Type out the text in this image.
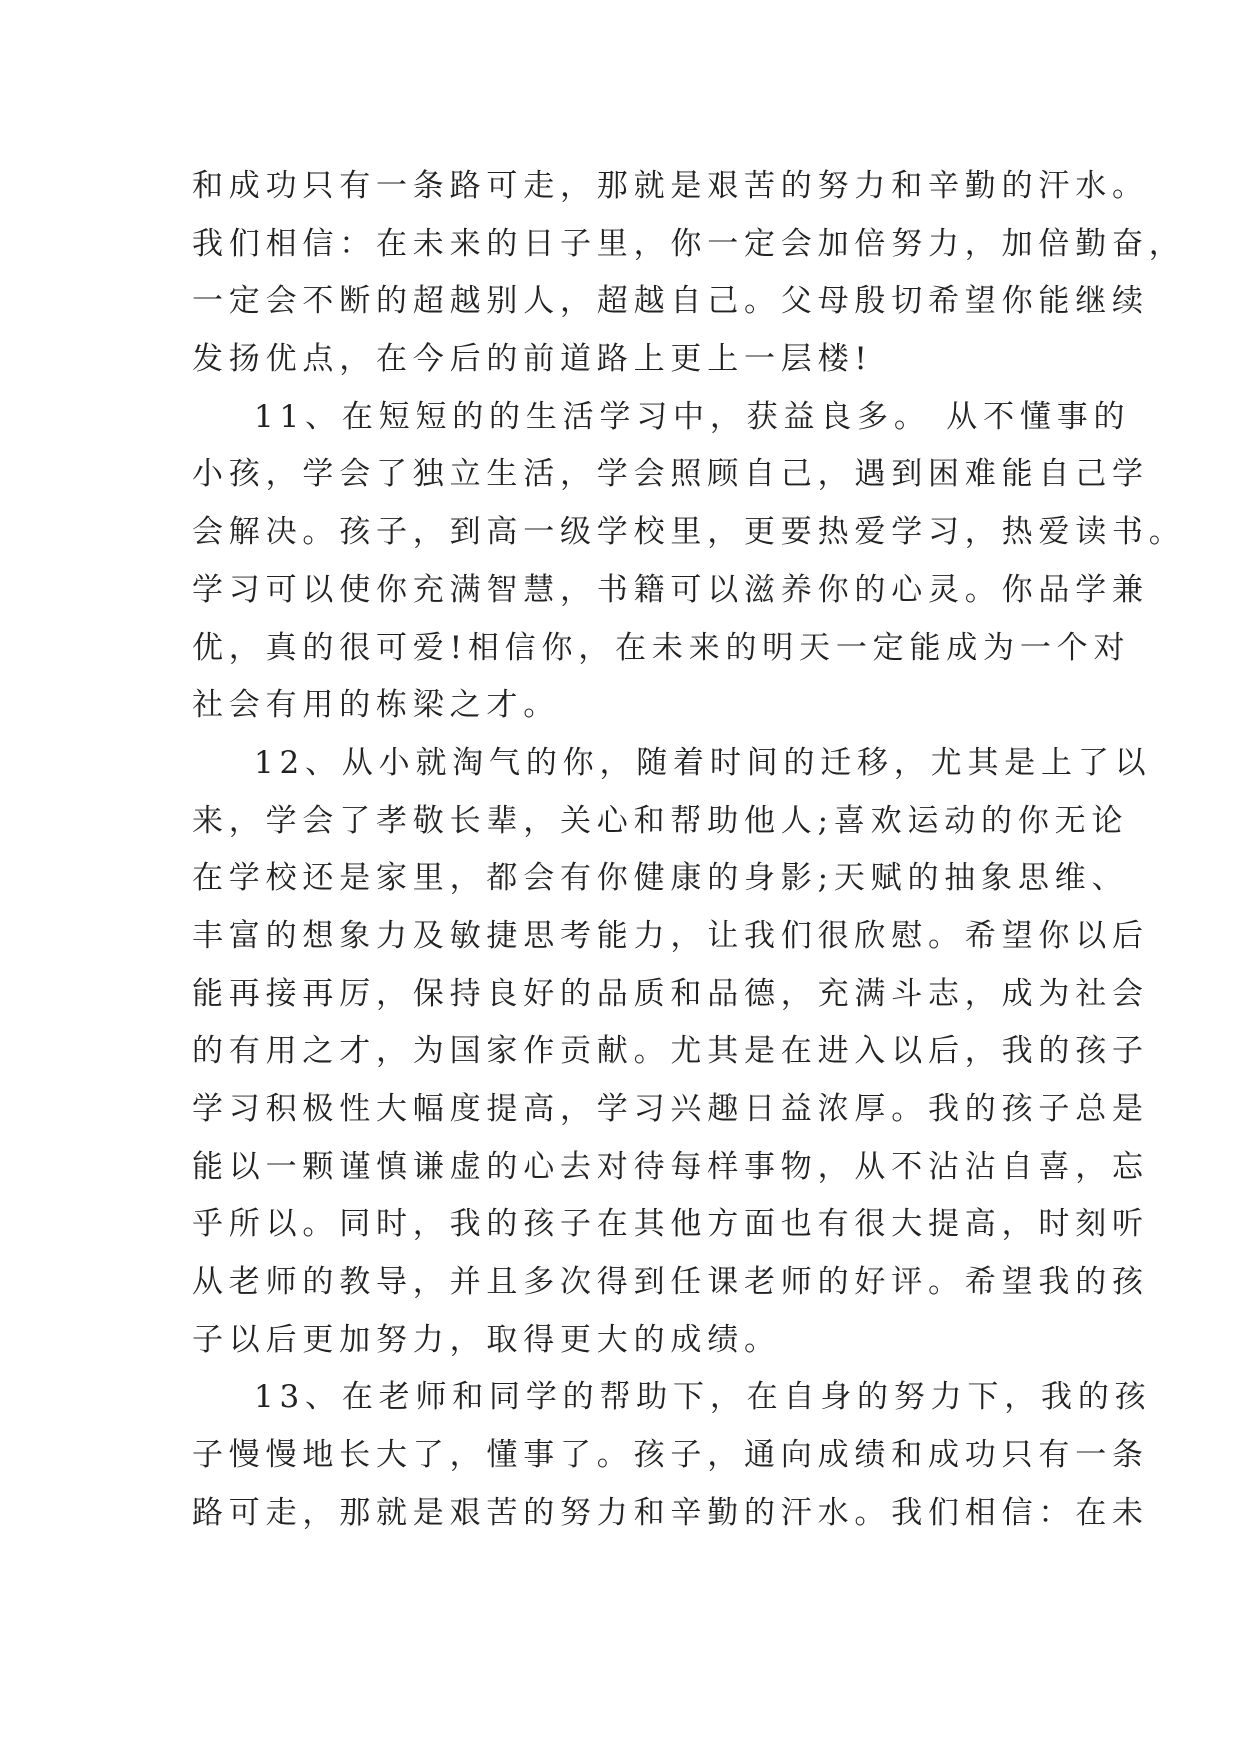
和成功只有一条路可走，那就是艰苦的努力和辛勤的汗水。
我们相信：在未来的日子里，你一定会加倍努力，加倍勤奋，
一定会不断的超越别人，超越自己。父母殷切希望你能继续
发扬优点，在今后的前道路上更上一层楼!
11、在短短的的生活学习中，获益良多。 从不懂事的
小孩，学会了独立生活，学会照顾自己，遇到困难能自己学
会解决。孩子，到高一级学校里，更要热爱学习，热爱读书。
学习可以使你充满智慧，书籍可以滋养你的心灵。你品学兼
优，真的很可爱!相信你，在未来的明天一定能成为一个对
社会有用的栋梁之才。
12、从小就淘气的你，随着时间的迁移，尤其是上了以
来，学会了孝敬长辈，关心和帮助他人;喜欢运动的你无论
在学校还是家里，都会有你健康的身影;天赋的抽象思维、
丰富的想象力及敏捷思考能力，让我们很欣慰。希望你以后
能再接再厉，保持良好的品质和品德，充满斗志，成为社会
的有用之才，为国家作贡献。尤其是在进入以后，我的孩子
学习积极性大幅度提高，学习兴趣日益浓厚。我的孩子总是
能以一颗谨慎谦虚的心去对待每样事物，从不沾沾自喜，忘
乎所以。同时，我的孩子在其他方面也有很大提高，时刻听
从老师的教导，并且多次得到任课老师的好评。希望我的孩
子以后更加努力，取得更大的成绩。
13、在老师和同学的帮助下，在自身的努力下，我的孩
子慢慢地长大了，懂事了。孩子，通向成绩和成功只有一条
路可走，那就是艰苦的努力和辛勤的汗水。我们相信：在未
